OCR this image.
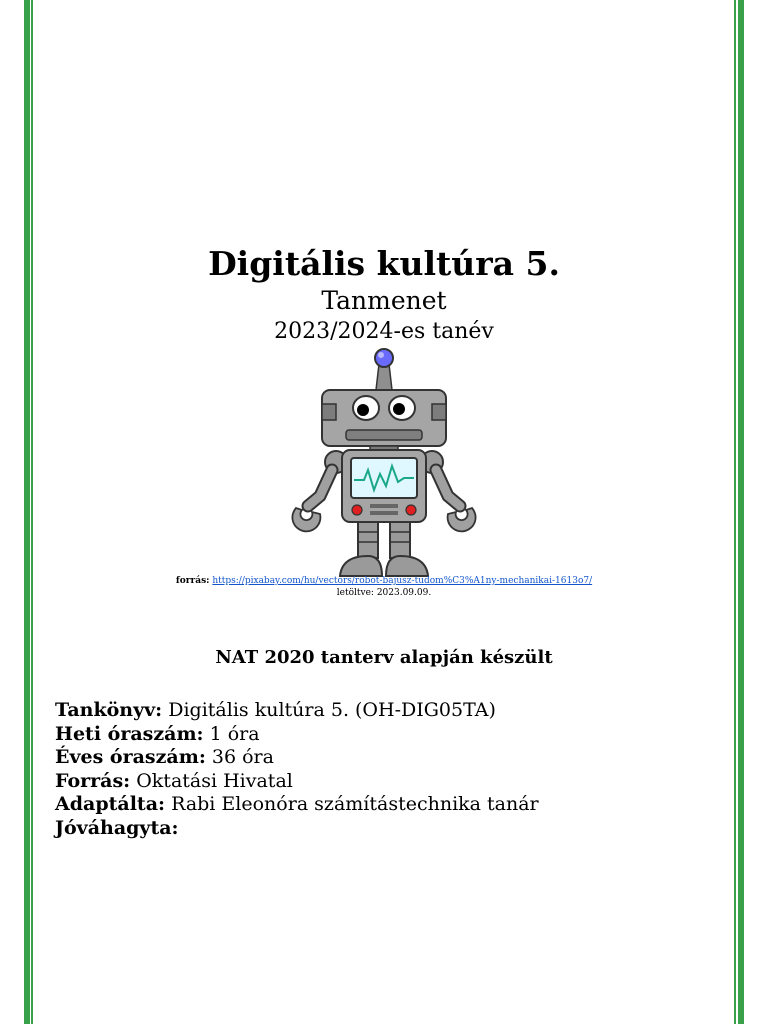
Digitális kultúra 5.
Tanmenet
2023/2024-es tanév
forrás: https://pixabay.com/hu/vectors/robot-bajusz-tudom%C3%A1ny-mechanikai-1613o7/
letöltve: 2023.09.09.
NAT 2020 tanterv alapján készült
Tankönyv: Digitális kultúra 5. (OH-DIG05TA)
Heti óraszám: 1 óra
Éves óraszám: 36 óra
Forrás: Oktatási Hivatal
Adaptálta: Rabi Eleonóra számítástechnika tanár
Jóváhagyta:
